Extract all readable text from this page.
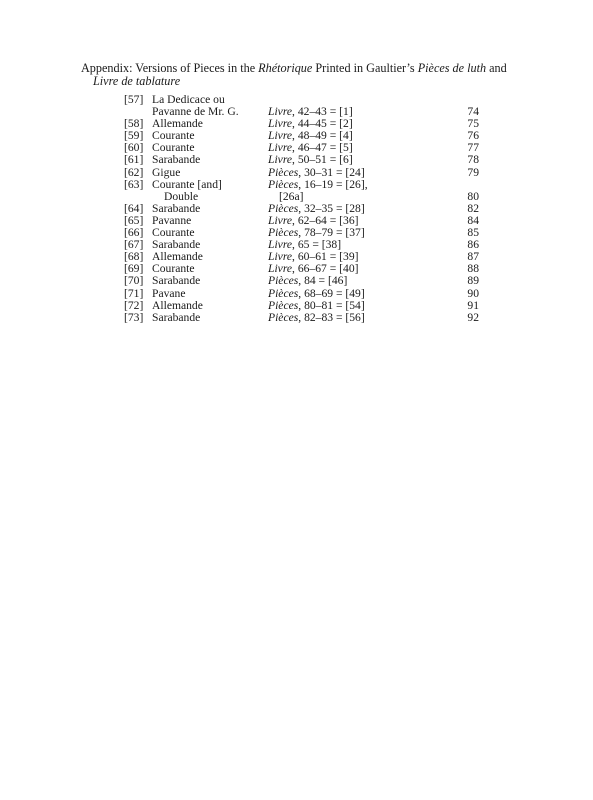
Appendix: Versions of Pieces in the Rhétorique Printed in Gaultier’s Pièces de luth and
Livre de tablature
[57] La Dedicace ou
Pavanne de Mr. G.	Livre, 42–43 = [1]	74
[58] Allemande	Livre, 44–45 = [2]	75
[59] Courante	Livre, 48–49 = [4]	76
[60] Courante	Livre, 46–47 = [5]	77
[61] Sarabande	Livre, 50–51 = [6]	78
[62] Gigue	Pièces, 30–31 = [24]	79
[63] Courante [and]	Pièces, 16–19 = [26],
Double	[26a]	80
[64] Sarabande	Pièces, 32–35 = [28]	82
[65] Pavanne	Livre, 62–64 = [36]	84
[66] Courante	Pièces, 78–79 = [37]	85
[67] Sarabande	Livre, 65 = [38]	86
[68] Allemande	Livre, 60–61 = [39]	87
[69] Courante	Livre, 66–67 = [40]	88
[70] Sarabande	Pièces, 84 = [46]	89
[71] Pavane	Pièces, 68–69 = [49]	90
[72] Allemande	Pièces, 80–81 = [54]	91
[73] Sarabande	Pièces, 82–83 = [56]	92
